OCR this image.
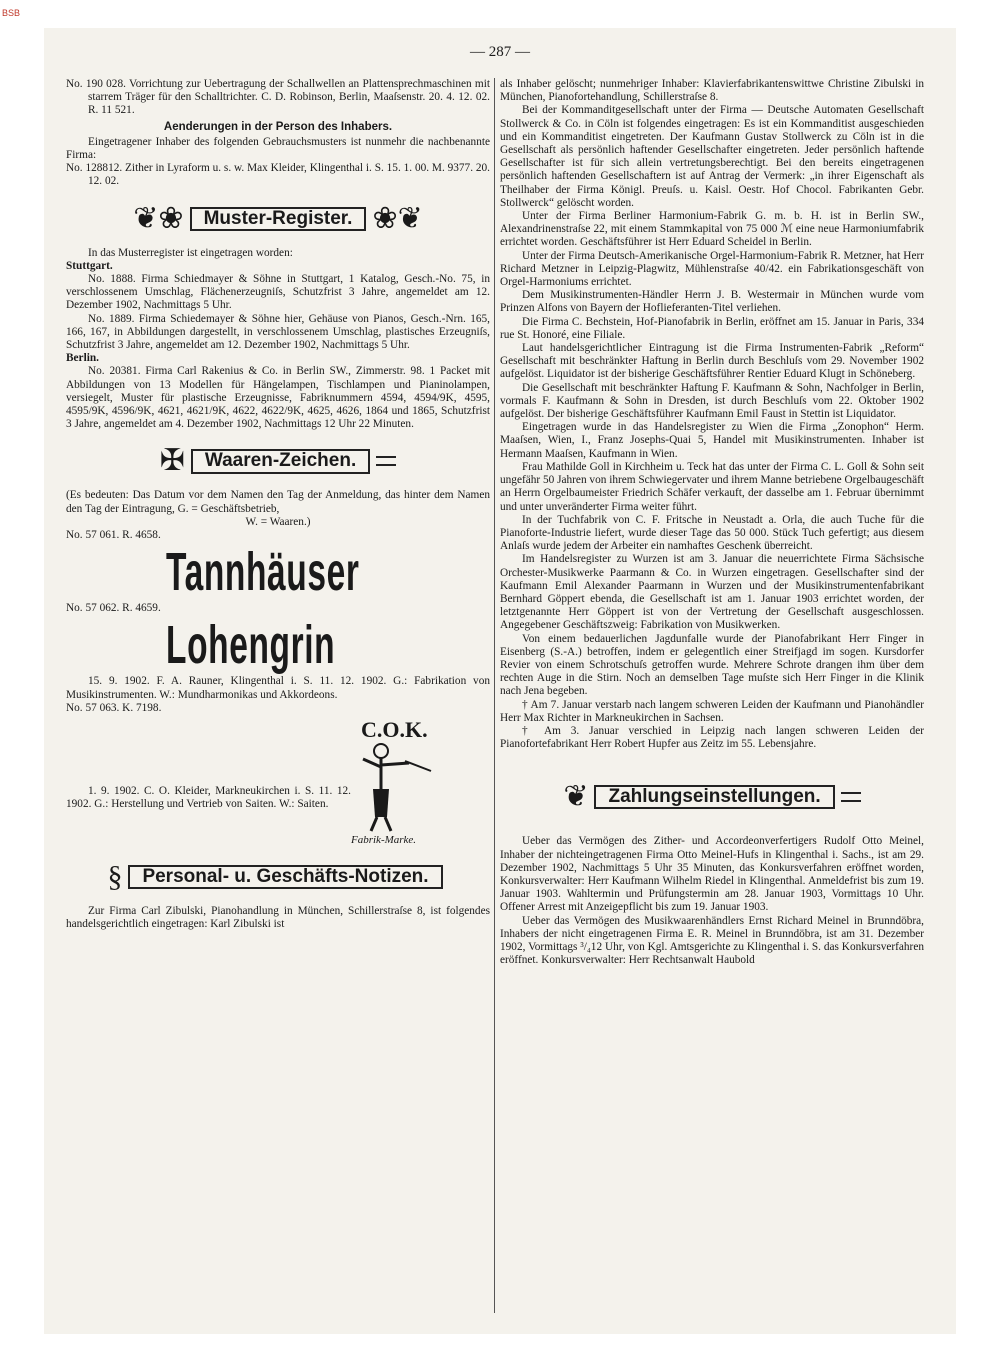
BSB
— 287 —

No. 190 028. Vorrichtung zur Uebertragung der Schallwellen an Plattensprechmaschinen mit starrem Träger für den Schalltrichter. C. D. Robinson, Berlin, Maaſsenstr. 20. 4. 12. 02. R. 11 521.

Aenderungen in der Person des Inhabers.

Eingetragener Inhaber des folgenden Gebrauchsmusters ist nunmehr die nachbenannte Firma:

No. 128812. Zither in Lyraform u. s. w. Max Kleider, Klingenthal i. S. 15. 1. 00. M. 9377. 20. 12. 02.

❦❀	Muster-Register. ❀❦

In das Musterregister ist eingetragen worden:

Stuttgart.

No. 1888. Firma Schiedmayer & Söhne in Stuttgart, 1 Katalog, Gesch.-No. 75, in verschlossenem Umschlag, Flächenerzeugniſs, Schutzfrist 3 Jahre, angemeldet am 12. Dezember 1902, Nachmittags 5 Uhr.

No. 1889. Firma Schiedemayer & Söhne hier, Gehäuse von Pianos, Gesch.-Nrn. 165, 166, 167, in Abbildungen dargestellt, in verschlossenem Umschlag, plastisches Erzeugniſs, Schutzfrist 3 Jahre, angemeldet am 12. Dezember 1902, Nachmittags 5 Uhr.

Berlin.

No. 20381. Firma Carl Rakenius & Co. in Berlin SW., Zimmerstr. 98. 1 Packet mit Abbildungen von 13 Modellen für Hängelampen, Tischlampen und Pianinolampen, versiegelt, Muster für plastische Erzeugnisse, Fabriknummern 4594, 4594/9K, 4595, 4595/9K, 4596/9K, 4621, 4621/9K, 4622, 4622/9K, 4625, 4626, 1864 und 1865, Schutzfrist 3 Jahre, angemeldet am 4. Dezember 1902, Nachmittags 12 Uhr 22 Minuten.

✠	Waaren-Zeichen.

(Es bedeuten: Das Datum vor dem Namen den Tag der Anmeldung, das hinter dem Namen den Tag der Eintragung, G. = Geschäftsbetrieb,

W. = Waaren.)

No. 57 061. R. 4658.

Tannhäuser

No. 57 062. R. 4659.

Lohengrin

15. 9. 1902. F. A. Rauner, Klingenthal i. S. 11. 12. 1902. G.: Fabrikation von Musikinstrumenten. W.: Mundharmonikas und Akkordeons.

No. 57 063. K. 7198.

C.O.K.
Fabrik-Marke.

1. 9. 1902. C. O. Kleider, Markneukirchen i. S. 11. 12. 1902. G.: Herstellung und Vertrieb von Saiten. W.: Saiten.

§	Personal- u. Geschäfts-Notizen.

Zur Firma Carl Zibulski, Pianohandlung in München, Schillerstraſse 8, ist folgendes handelsgerichtlich eingetragen: Karl Zibulski ist

als Inhaber gelöscht; nunmehriger Inhaber: Klavierfabrikantenswittwe Christine Zibulski in München, Pianofortehandlung, Schillerstraſse 8.

Bei der Kommanditgesellschaft unter der Firma — Deutsche Automaten Gesellschaft Stollwerck & Co. in Cöln ist folgendes eingetragen: Es ist ein Kommanditist ausgeschieden und ein Kommanditist eingetreten. Der Kaufmann Gustav Stollwerck zu Cöln ist in die Gesellschaft als persönlich haftender Gesellschafter eingetreten. Jeder persönlich haftende Gesellschafter ist für sich allein vertretungsberechtigt. Bei den bereits eingetragenen persönlich haftenden Gesellschaftern ist auf Antrag der Vermerk: „in ihrer Eigenschaft als Theilhaber der Firma Königl. Preuſs. u. Kaisl. Oestr. Hof Chocol. Fabrikanten Gebr. Stollwerck“ gelöscht worden.

Unter der Firma Berliner Harmonium-Fabrik G. m. b. H. ist in Berlin SW., Alexandrinenstraſse 22, mit einem Stammkapital von 75 000 ℳ eine neue Harmoniumfabrik errichtet worden. Geschäftsführer ist Herr Eduard Scheidel in Berlin.

Unter der Firma Deutsch-Amerikanische Orgel-Harmonium-Fabrik R. Metzner, hat Herr Richard Metzner in Leipzig-Plagwitz, Mühlenstraſse 40/42. ein Fabrikationsgeschäft von Orgel-Harmoniums errichtet.

Dem Musikinstrumenten-Händler Herrn J. B. Westermair in München wurde vom Prinzen Alfons von Bayern der Hoflieferanten-Titel verliehen.

Die Firma C. Bechstein, Hof-Pianofabrik in Berlin, eröffnet am 15. Januar in Paris, 334 rue St. Honoré, eine Filiale.

Laut handelsgerichtlicher Eintragung ist die Firma Instrumenten-Fabrik „Reform“ Gesellschaft mit beschränkter Haftung in Berlin durch Beschluſs vom 29. November 1902 aufgelöst. Liquidator ist der bisherige Geschäftsführer Rentier Eduard Klugt in Schöneberg.

Die Gesellschaft mit beschränkter Haftung F. Kaufmann & Sohn, Nachfolger in Berlin, vormals F. Kaufmann & Sohn in Dresden, ist durch Beschluſs vom 22. Oktober 1902 aufgelöst. Der bisherige Geschäftsführer Kaufmann Emil Faust in Stettin ist Liquidator.

Eingetragen wurde in das Handelsregister zu Wien die Firma „Zonophon“ Herm. Maaſsen, Wien, I., Franz Josephs-Quai 5, Handel mit Musikinstrumenten. Inhaber ist Hermann Maaſsen, Kaufmann in Wien.

Frau Mathilde Goll in Kirchheim u. Teck hat das unter der Firma C. L. Goll & Sohn seit ungefähr 50 Jahren von ihrem Schwiegervater und ihrem Manne betriebene Orgelbaugeschäft an Herrn Orgelbaumeister Friedrich Schäfer verkauft, der dasselbe am 1. Februar übernimmt und unter unveränderter Firma weiter führt.

In der Tuchfabrik von C. F. Fritsche in Neustadt a. Orla, die auch Tuche für die Pianoforte-Industrie liefert, wurde dieser Tage das 50 000. Stück Tuch gefertigt; aus diesem Anlaſs wurde jedem der Arbeiter ein namhaftes Geschenk überreicht.

Im Handelsregister zu Wurzen ist am 3. Januar die neuerrichtete Firma Sächsische Orchester-Musikwerke Paarmann & Co. in Wurzen eingetragen. Gesellschafter sind der Kaufmann Emil Alexander Paarmann in Wurzen und der Musikinstrumentenfabrikant Bernhard Göppert ebenda, die Gesellschaft ist am 1. Januar 1903 errichtet worden, der letztgenannte Herr Göppert ist von der Vertretung der Gesellschaft ausgeschlossen. Angegebener Geschäftszweig: Fabrikation von Musikwerken.

Von einem bedauerlichen Jagdunfalle wurde der Pianofabrikant Herr Finger in Eisenberg (S.-A.) betroffen, indem er gelegentlich einer Streifjagd im sogen. Kursdorfer Revier von einem Schrotschuſs getroffen wurde. Mehrere Schrote drangen ihm über dem rechten Auge in die Stirn. Noch an demselben Tage muſste sich Herr Finger in die Klinik nach Jena begeben.

† Am 7. Januar verstarb nach langem schweren Leiden der Kaufmann und Pianohändler Herr Max Richter in Markneukirchen in Sachsen.

† Am 3. Januar verschied in Leipzig nach langen schweren Leiden der Pianofortefabrikant Herr Robert Hupfer aus Zeitz im 55. Lebensjahre.

❦	Zahlungseinstellungen.

Ueber das Vermögen des Zither- und Accordeonverfertigers Rudolf Otto Meinel, Inhaber der nichteingetragenen Firma Otto Meinel-Hufs in Klingenthal i. Sachs., ist am 29. Dezember 1902, Nachmittags 5 Uhr 35 Minuten, das Konkursverfahren eröffnet worden, Konkursverwalter: Herr Kaufmann Wilhelm Riedel in Klingenthal. Anmeldefrist bis zum 19. Januar 1903. Wahltermin und Prüfungstermin am 28. Januar 1903, Vormittags 10 Uhr. Offener Arrest mit Anzeigepflicht bis zum 19. Januar 1903.

Ueber das Vermögen des Musikwaarenhändlers Ernst Richard Meinel in Brunndöbra, Inhabers der nicht eingetragenen Firma E. R. Meinel in Brunndöbra, ist am 31. Dezember 1902, Vormittags ³/₄12 Uhr, von Kgl. Amtsgerichte zu Klingenthal i. S. das Konkursverfahren eröffnet. Konkursverwalter: Herr Rechtsanwalt Haubold
